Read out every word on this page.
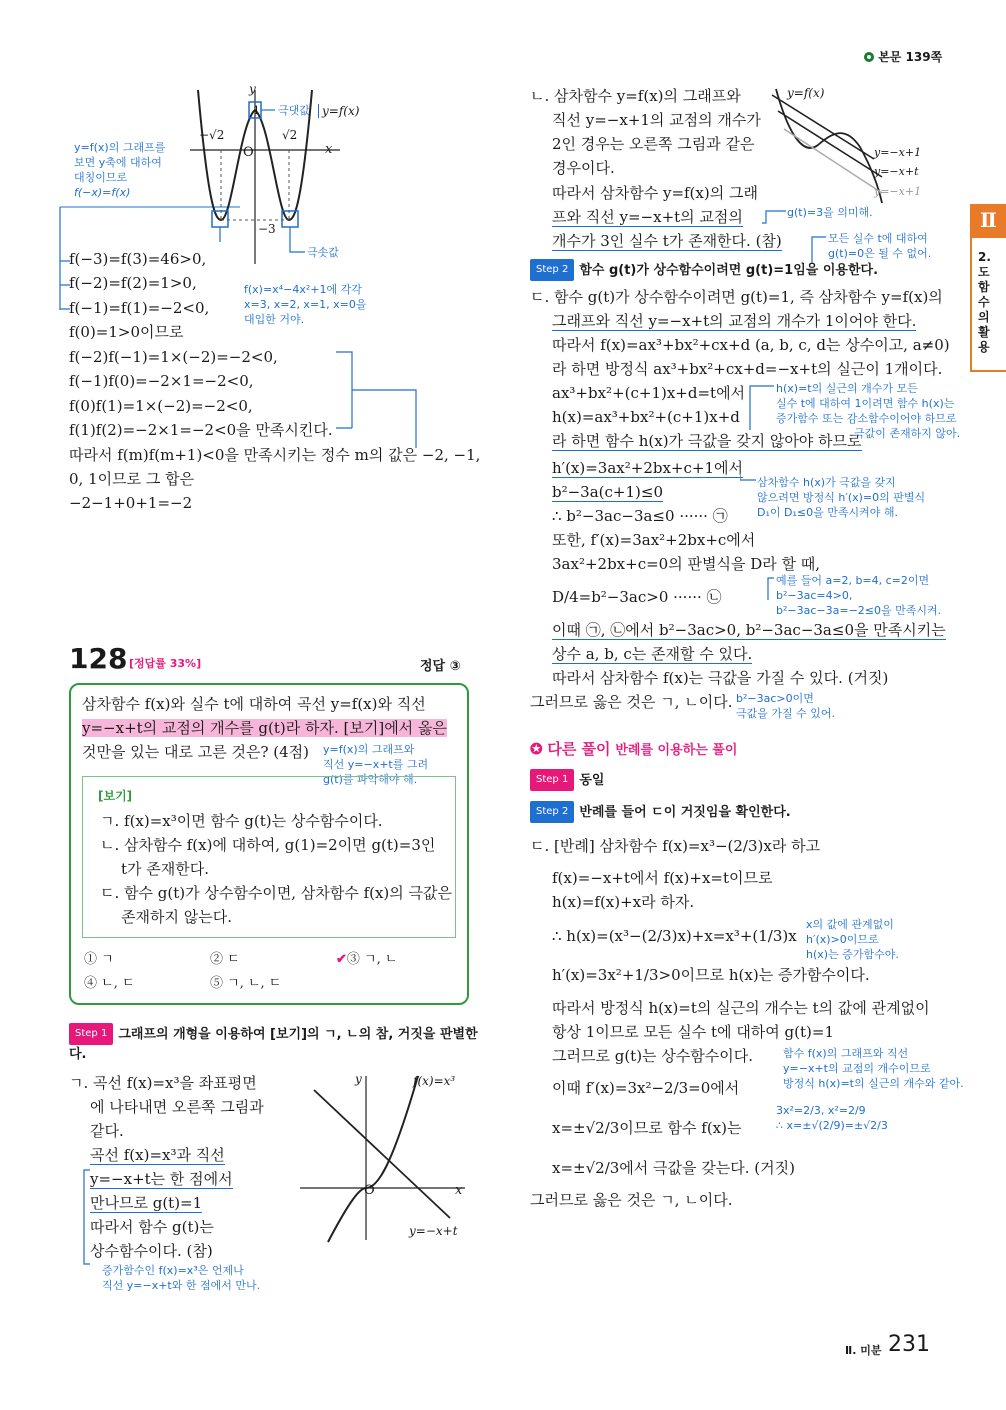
본문 139쪽
Ⅱ
2. 도함수의 활용
y
x
O
y=f(x)
−√2	√2
1
−3
극댓값
극솟값
y=f(x)의 그래프를
보면 y축에 대하여
대칭이므로
f(−x)=f(x)
f(−3)=f(3)=46>0,
f(−2)=f(2)=1>0,
f(−1)=f(1)=−2<0,
f(0)=1>0이므로
f(x)=x⁴−4x²+1에 각각
x=3, x=2, x=1, x=0을
대입한 거야.
f(−2)f(−1)=1×(−2)=−2<0,
f(−1)f(0)=−2×1=−2<0,
f(0)f(1)=1×(−2)=−2<0,
f(1)f(2)=−2×1=−2<0을 만족시킨다.
따라서 f(m)f(m+1)<0을 만족시키는 정수 m의 값은 −2, −1,
0, 1이므로 그 합은
−2−1+0+1=−2
128 [정답률 33%]	정답 ③
삼차함수 f(x)와 실수 t에 대하여 곡선 y=f(x)와 직선
y=−x+t의 교점의 개수를 g(t)라 하자. [보기]에서 옳은
것만을 있는 대로 고른 것은? (4점) y=f(x)의 그래프와
직선 y=−x+t를 그려
g(t)를 파악해야 해.
[보기]
ㄱ. f(x)=x³이면 함수 g(t)는 상수함수이다.
ㄴ. 삼차함수 f(x)에 대하여, g(1)=2이면 g(t)=3인
t가 존재한다.
ㄷ. 함수 g(t)가 상수함수이면, 삼차함수 f(x)의 극값은
존재하지 않는다.
① ㄱ	② ㄷ	✔③ ㄱ, ㄴ
④ ㄴ, ㄷ	⑤ ㄱ, ㄴ, ㄷ
Step 1 그래프의 개형을 이용하여 [보기]의 ㄱ, ㄴ의 참, 거짓을 판별한
다.
ㄱ. 곡선 f(x)=x³을 좌표평면
에 나타내면 오른쪽 그림과
같다.
곡선 f(x)=x³과 직선
y=−x+t는 한 점에서
만나므로 g(t)=1
따라서 함수 g(t)는
상수함수이다. (참)
증가함수인 f(x)=x³은 언제나
직선 y=−x+t와 한 점에서 만나.
y
x
O
f(x)=x³
y=−x+t
ㄴ. 삼차함수 y=f(x)의 그래프와
직선 y=−x+1의 교점의 개수가
2인 경우는 오른쪽 그림과 같은
경우이다.
따라서 삼차함수 y=f(x)의 그래
프와 직선 y=−x+t의 교점의
개수가 3인 실수 t가 존재한다. (참)
g(t)=3을 의미해.
모든 실수 t에 대하여
g(t)=0은 될 수 없어.
y=f(x)
y=−x+1
y=−x+t
y=−x+1
Step 2 함수 g(t)가 상수함수이려면 g(t)=1임을 이용한다.
ㄷ. 함수 g(t)가 상수함수이려면 g(t)=1, 즉 삼차함수 y=f(x)의
그래프와 직선 y=−x+t의 교점의 개수가 1이어야 한다.
따라서 f(x)=ax³+bx²+cx+d (a, b, c, d는 상수이고, a≠0)
라 하면 방정식 ax³+bx²+cx+d=−x+t의 실근이 1개이다.
ax³+bx²+(c+1)x+d=t에서
h(x)=ax³+bx²+(c+1)x+d
라 하면 함수 h(x)가 극값을 갖지 않아야 하므로
h(x)=t의 실근의 개수가 모든
실수 t에 대하여 1이려면 함수 h(x)는
증가함수 또는 감소함수이어야 하므로
극값이 존재하지 않아.
h′(x)=3ax²+2bx+c+1에서
b²−3a(c+1)≤0
∴ b²−3ac−3a≤0 ······ ㉠
삼차함수 h(x)가 극값을 갖지
않으려면 방정식 h′(x)=0의 판별식
D₁이 D₁≤0을 만족시켜야 해.
또한, f′(x)=3ax²+2bx+c에서
3ax²+2bx+c=0의 판별식을 D라 할 때,
D/4=b²−3ac>0 ······ ㉡
예를 들어 a=2, b=4, c=2이면
b²−3ac=4>0,
b²−3ac−3a=−2≤0을 만족시켜.
이때 ㉠, ㉡에서 b²−3ac>0, b²−3ac−3a≤0을 만족시키는
상수 a, b, c는 존재할 수 있다.
따라서 삼차함수 f(x)는 극값을 가질 수 있다. (거짓)
그러므로 옳은 것은 ㄱ, ㄴ이다. b²−3ac>0이면
극값을 가질 수 있어.
✪ 다른 풀이 반례를 이용하는 풀이
Step 1 동일
Step 2 반례를 들어 ㄷ이 거짓임을 확인한다.
ㄷ. [반례] 삼차함수 f(x)=x³−(2/3)x라 하고
f(x)=−x+t에서 f(x)+x=t이므로
h(x)=f(x)+x라 하자.
∴ h(x)=(x³−(2/3)x)+x=x³+(1/3)x
h′(x)=3x²+1/3>0이므로 h(x)는 증가함수이다.
x의 값에 관계없이
h′(x)>0이므로
h(x)는 증가함수야.
따라서 방정식 h(x)=t의 실근의 개수는 t의 값에 관계없이
항상 1이므로 모든 실수 t에 대하여 g(t)=1
그러므로 g(t)는 상수함수이다.	함수 f(x)의 그래프와 직선
y=−x+t의 교점의 개수이므로
방정식 h(x)=t의 실근의 개수와 같아.
이때 f′(x)=3x²−2/3=0에서
x=±√2/3이므로 함수 f(x)는
3x²=2/3, x²=2/9
∴ x=±√(2/9)=±√2/3
x=±√2/3에서 극값을 갖는다. (거짓)
그러므로 옳은 것은 ㄱ, ㄴ이다.
Ⅱ. 미분 231
